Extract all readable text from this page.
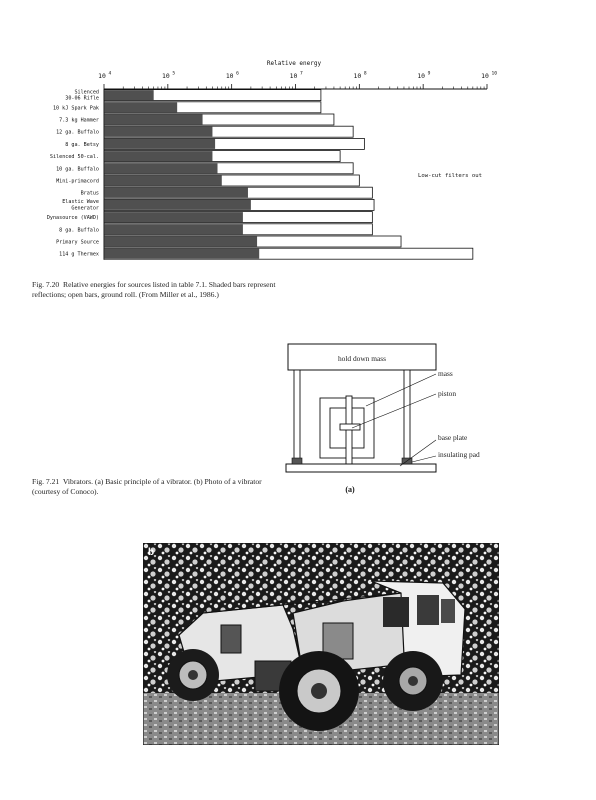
Relative energy
10 4	10 5	10 6	10 7	10 8	10 9	10 10
Silenced
30-06 Rifle
10 kJ Spark Pak
7.3 kg Hammer
12 ga. Buffalo
8 ga. Betsy
Silenced 50-cal.
10 ga. Buffalo
Mini-primacord
Bratus
Elastic Wave
Generator
Dynasource (VAWD)
8 ga. Buffalo
Primary Source
114 g Thermex
Low-cut filters out
Fig. 7.20 Relative energies for sources listed in table 7.1. Shaded bars represent reflections; open bars, ground roll. (From Miller et al., 1986.)
hold down mass
mass
piston
base plate
insulating pad
(a)
Fig. 7.21 Vibrators. (a) Basic principle of a vibrator. (b) Photo of a vibrator (courtesy of Conoco).
b
